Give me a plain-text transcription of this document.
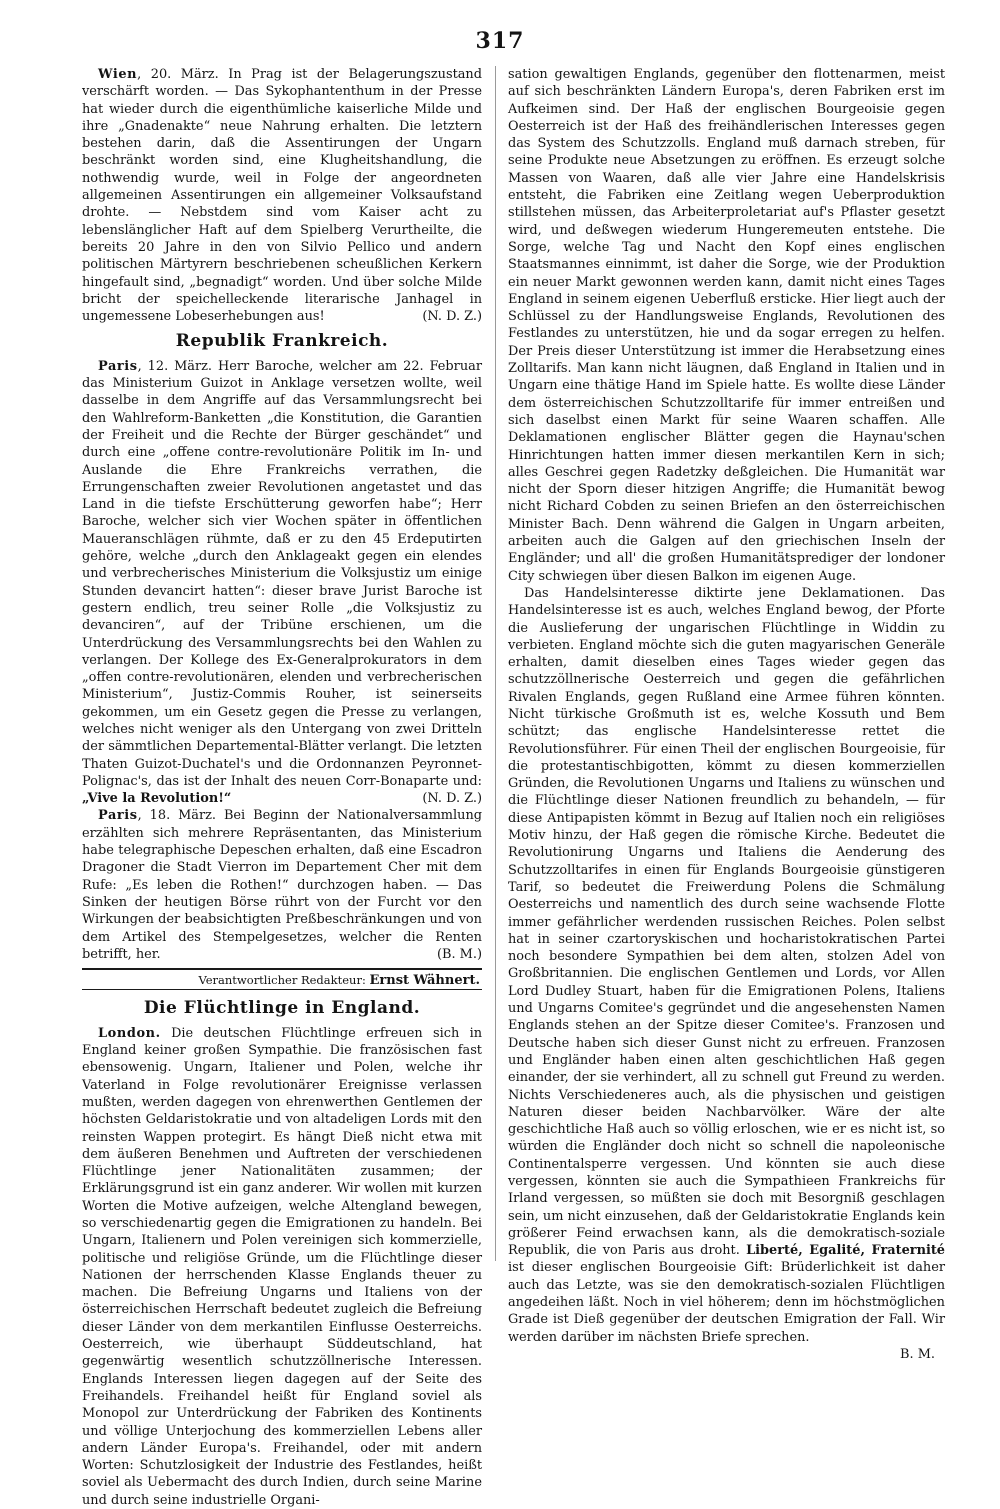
317

Wien, 20. März. In Prag ist der Belagerungszustand verschärft worden. — Das Sykophantenthum in der Presse hat wieder durch die eigenthümliche kaiserliche Milde und ihre „Gnadenakte“ neue Nahrung erhalten. Die letztern bestehen darin, daß die Assentirungen der Ungarn beschränkt worden sind, eine Klugheitshandlung, die nothwendig wurde, weil in Folge der angeordneten allgemeinen Assentirungen ein allgemeiner Volksaufstand drohte. — Nebstdem sind vom Kaiser acht zu lebenslänglicher Haft auf dem Spielberg Verurtheilte, die bereits 20 Jahre in den von Silvio Pellico und andern politischen Märtyrern beschriebenen scheußlichen Kerkern hingefault sind, „begnadigt“ worden. Und über solche Milde bricht der speichelleckende literarische Janhagel in ungemessene Lobeserhebungen aus!	(N. D. Z.)

Republik Frankreich.

Paris, 12. März. Herr Baroche, welcher am 22. Februar das Ministerium Guizot in Anklage versetzen wollte, weil dasselbe in dem Angriffe auf das Versammlungsrecht bei den Wahlreform-Banketten „die Konstitution, die Garantien der Freiheit und die Rechte der Bürger geschändet“ und durch eine „offene contre-revolutionäre Politik im In- und Auslande die Ehre Frankreichs verrathen, die Errungenschaften zweier Revolutionen angetastet und das Land in die tiefste Erschütterung geworfen habe“; Herr Baroche, welcher sich vier Wochen später in öffentlichen Maueranschlägen rühmte, daß er zu den 45 Erdeputirten gehöre, welche „durch den Anklageakt gegen ein elendes und verbrecherisches Ministerium die Volksjustiz um einige Stunden devancirt hatten“: dieser brave Jurist Baroche ist gestern endlich, treu seiner Rolle „die Volksjustiz zu devanciren“, auf der Tribüne erschienen, um die Unterdrückung des Versammlungsrechts bei den Wahlen zu verlangen. Der Kollege des Ex-Generalprokurators in dem „offen contre-revolutionären, elenden und verbrecherischen Ministerium“, Justiz-Commis Rouher, ist seinerseits gekommen, um ein Gesetz gegen die Presse zu verlangen, welches nicht weniger als den Untergang von zwei Dritteln der sämmtlichen Departemental-Blätter verlangt. Die letzten Thaten Guizot-Duchatel's und die Ordonnanzen Peyronnet-Polignac's, das ist der Inhalt des neuen Corr-Bonaparte und: „Vive la Revolution!“	(N. D. Z.)

Paris, 18. März. Bei Beginn der Nationalversammlung erzählten sich mehrere Repräsentanten, das Ministerium habe telegraphische Depeschen erhalten, daß eine Escadron Dragoner die Stadt Vierron im Departement Cher mit dem Rufe: „Es leben die Rothen!“ durchzogen haben. — Das Sinken der heutigen Börse rührt von der Furcht vor den Wirkungen der beabsichtigten Preßbeschränkungen und von dem Artikel des Stempelgesetzes, welcher die Renten betrifft, her.	(B. M.)

Verantwortlicher Redakteur: Ernst Wähnert.
Die Flüchtlinge in England.

London. Die deutschen Flüchtlinge erfreuen sich in England keiner großen Sympathie. Die französischen fast ebensowenig. Ungarn, Italiener und Polen, welche ihr Vaterland in Folge revolutionärer Ereignisse verlassen mußten, werden dagegen von ehrenwerthen Gentlemen der höchsten Geldaristokratie und von altadeligen Lords mit den reinsten Wappen protegirt. Es hängt Dieß nicht etwa mit dem äußeren Benehmen und Auftreten der verschiedenen Flüchtlinge jener Nationalitäten zusammen; der Erklärungsgrund ist ein ganz anderer. Wir wollen mit kurzen Worten die Motive aufzeigen, welche Altengland bewegen, so verschiedenartig gegen die Emigrationen zu handeln. Bei Ungarn, Italienern und Polen vereinigen sich kommerzielle, politische und religiöse Gründe, um die Flüchtlinge dieser Nationen der herrschenden Klasse Englands theuer zu machen. Die Befreiung Ungarns und Italiens von der österreichischen Herrschaft bedeutet zugleich die Befreiung dieser Länder von dem merkantilen Einflusse Oesterreichs. Oesterreich, wie überhaupt Süddeutschland, hat gegenwärtig wesentlich schutzzöllnerische Interessen. Englands Interessen liegen dagegen auf der Seite des Freihandels. Freihandel heißt für England soviel als Monopol zur Unterdrückung der Fabriken des Kontinents und völlige Unterjochung des kommerziellen Lebens aller andern Länder Europa's. Freihandel, oder mit andern Worten: Schutzlosigkeit der Industrie des Festlandes, heißt soviel als Uebermacht des durch Indien, durch seine Marine und durch seine industrielle Organi-

sation gewaltigen Englands, gegenüber den flottenarmen, meist auf sich beschränkten Ländern Europa's, deren Fabriken erst im Aufkeimen sind. Der Haß der englischen Bourgeoisie gegen Oesterreich ist der Haß des freihändlerischen Interesses gegen das System des Schutzzolls. England muß darnach streben, für seine Produkte neue Absetzungen zu eröffnen. Es erzeugt solche Massen von Waaren, daß alle vier Jahre eine Handelskrisis entsteht, die Fabriken eine Zeitlang wegen Ueberproduktion stillstehen müssen, das Arbeiterproletariat auf's Pflaster gesetzt wird, und deßwegen wiederum Hungeremeuten entstehe. Die Sorge, welche Tag und Nacht den Kopf eines englischen Staatsmannes einnimmt, ist daher die Sorge, wie der Produktion ein neuer Markt gewonnen werden kann, damit nicht eines Tages England in seinem eigenen Ueberfluß ersticke. Hier liegt auch der Schlüssel zu der Handlungsweise Englands, Revolutionen des Festlandes zu unterstützen, hie und da sogar erregen zu helfen. Der Preis dieser Unterstützung ist immer die Herabsetzung eines Zolltarifs. Man kann nicht läugnen, daß England in Italien und in Ungarn eine thätige Hand im Spiele hatte. Es wollte diese Länder dem österreichischen Schutzzolltarife für immer entreißen und sich daselbst einen Markt für seine Waaren schaffen. Alle Deklamationen englischer Blätter gegen die Haynau'schen Hinrichtungen hatten immer diesen merkantilen Kern in sich; alles Geschrei gegen Radetzky deßgleichen. Die Humanität war nicht der Sporn dieser hitzigen Angriffe; die Humanität bewog nicht Richard Cobden zu seinen Briefen an den österreichischen Minister Bach. Denn während die Galgen in Ungarn arbeiten, arbeiten auch die Galgen auf den griechischen Inseln der Engländer; und all' die großen Humanitätsprediger der londoner City schwiegen über diesen Balkon im eigenen Auge.

Das Handelsinteresse diktirte jene Deklamationen. Das Handelsinteresse ist es auch, welches England bewog, der Pforte die Auslieferung der ungarischen Flüchtlinge in Widdin zu verbieten. England möchte sich die guten magyarischen Generäle erhalten, damit dieselben eines Tages wieder gegen das schutzzöllnerische Oesterreich und gegen die gefährlichen Rivalen Englands, gegen Rußland eine Armee führen könnten. Nicht türkische Großmuth ist es, welche Kossuth und Bem schützt; das englische Handelsinteresse rettet die Revolutionsführer. Für einen Theil der englischen Bourgeoisie, für die protestantischbigotten, kömmt zu diesen kommerziellen Gründen, die Revolutionen Ungarns und Italiens zu wünschen und die Flüchtlinge dieser Nationen freundlich zu behandeln, — für diese Antipapisten kömmt in Bezug auf Italien noch ein religiöses Motiv hinzu, der Haß gegen die römische Kirche. Bedeutet die Revolutionirung Ungarns und Italiens die Aenderung des Schutzzolltarifes in einen für Englands Bourgeoisie günstigeren Tarif, so bedeutet die Freiwerdung Polens die Schmälung Oesterreichs und namentlich des durch seine wachsende Flotte immer gefährlicher werdenden russischen Reiches. Polen selbst hat in seiner czartoryskischen und hocharistokratischen Partei noch besondere Sympathien bei dem alten, stolzen Adel von Großbritannien. Die englischen Gentlemen und Lords, vor Allen Lord Dudley Stuart, haben für die Emigrationen Polens, Italiens und Ungarns Comitee's gegründet und die angesehensten Namen Englands stehen an der Spitze dieser Comitee's. Franzosen und Deutsche haben sich dieser Gunst nicht zu erfreuen. Franzosen und Engländer haben einen alten geschichtlichen Haß gegen einander, der sie verhindert, all zu schnell gut Freund zu werden. Nichts Verschiedeneres auch, als die physischen und geistigen Naturen dieser beiden Nachbarvölker. Wäre der alte geschichtliche Haß auch so völlig erloschen, wie er es nicht ist, so würden die Engländer doch nicht so schnell die napoleonische Continentalsperre vergessen. Und könnten sie auch diese vergessen, könnten sie auch die Sympathieen Frankreichs für Irland vergessen, so müßten sie doch mit Besorgniß geschlagen sein, um nicht einzusehen, daß der Geldaristokratie Englands kein größerer Feind erwachsen kann, als die demokratisch-soziale Republik, die von Paris aus droht. Liberté, Egalité, Fraternité ist dieser englischen Bourgeoisie Gift: Brüderlichkeit ist daher auch das Letzte, was sie den demokratisch-sozialen Flüchtligen angedeihen läßt. Noch in viel höherem; denn im höchstmöglichen Grade ist Dieß gegenüber der deutschen Emigration der Fall. Wir werden darüber im nächsten Briefe sprechen.
B. M.
